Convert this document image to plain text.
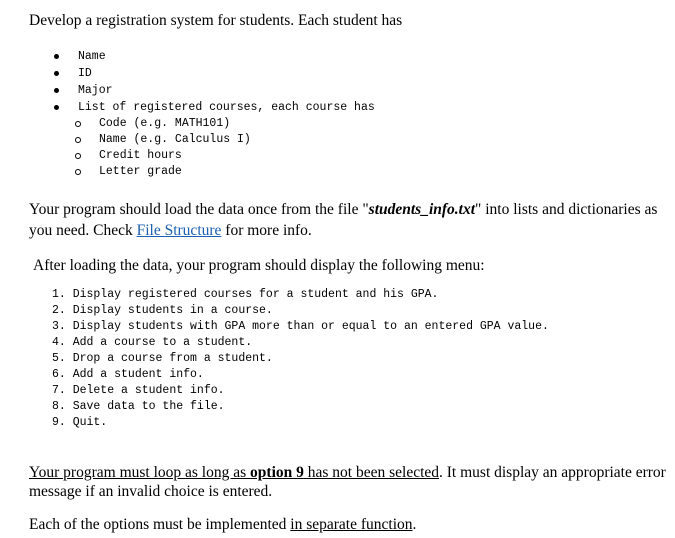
Develop a registration system for students. Each student has

Name
ID
Major
List of registered courses, each course has
Code (e.g. MATH101)
Name (e.g. Calculus I)
Credit hours
Letter grade

Your program should load the data once from the file "students_info.txt" into lists and dictionaries as you need. Check File Structure for more info.

After loading the data, your program should display the following menu:

1. Display registered courses for a student and his GPA.
2. Display students in a course.
3. Display students with GPA more than or equal to an entered GPA value.
4. Add a course to a student.
5. Drop a course from a student.
6. Add a student info.
7. Delete a student info.
8. Save data to the file.
9. Quit.

Your program must loop as long as option 9 has not been selected. It must display an appropriate error message if an invalid choice is entered.

Each of the options must be implemented in separate function.
